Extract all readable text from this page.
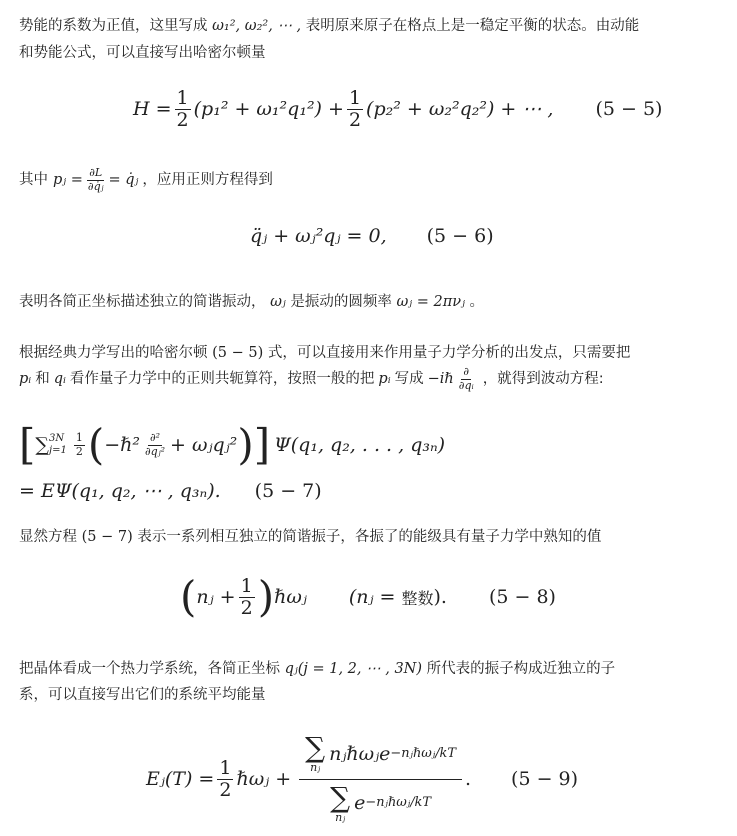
势能的系数为正值，这里写成 ω₁², ω₂², ⋯ , 表明原来原子在格点上是一稳定平衡的状态。由动能
和势能公式，可以直接写出哈密尔顿量
$H = \frac{1}{2} (p_1^2 + \omega_1^2q_1^2) + \frac{1}{2} (p_2^2 + \omega_2^2q_2^2)$ + ⋯ , (5 − 5)
其中 pⱼ = $\frac{\partial L}{\text{∂q̇ⱼ}}$ = q̇ⱼ ，应用正则方程得到
q̈ⱼ + ωⱼ²qⱼ = 0, (5 − 6)
表明各简正坐标描述独立的简谐振动， ωⱼ 是振动的圆频率 ωⱼ = 2πνⱼ 。
根据经典力学写出的哈密尔顿 (5 − 5) 式，可以直接用来作用量子力学分析的出发点，只需要把
pᵢ 和 qᵢ 看作量子力学中的正则共轭算符，按照一般的把 pᵢ 写成 −iℏ $\frac{\partial}{\text{∂qᵢ}}$ ，就得到波动方程:
[ ∑ 3N
$j=1 \frac{1}{2}$ ( −ℏ² $\frac{\text{∂²}}{\text{∂qⱼ²}}$ + ωⱼqⱼ² ) ] Ψ(q₁, q₂, . . . , q₃ₙ)
= EΨ(q₁, q₂, ⋯ , q₃ₙ). (5 − 7)
显然方程 (5 − 7) 表示一系列相互独立的简谐振子，各振了的能级具有量子力学中熟知的值
( nⱼ + $\frac{1}{2}$ ) ℏωⱼ (nⱼ = 整数 ). (5 − 8)
把晶体看成一个热力学系统，各简正坐标 qⱼ(j = 1, 2, ⋯ , 3N) 所代表的振子构成近独立的子
系，可以直接写出它们的系统平均能量
Eⱼ(T) = $\frac{1}{2}$ ℏωⱼ + ∑
nⱼ
nⱼℏωⱼe −nⱼℏωⱼ/kT
∑
nⱼ
e −nⱼℏωⱼ/kT . (5 − 9)
